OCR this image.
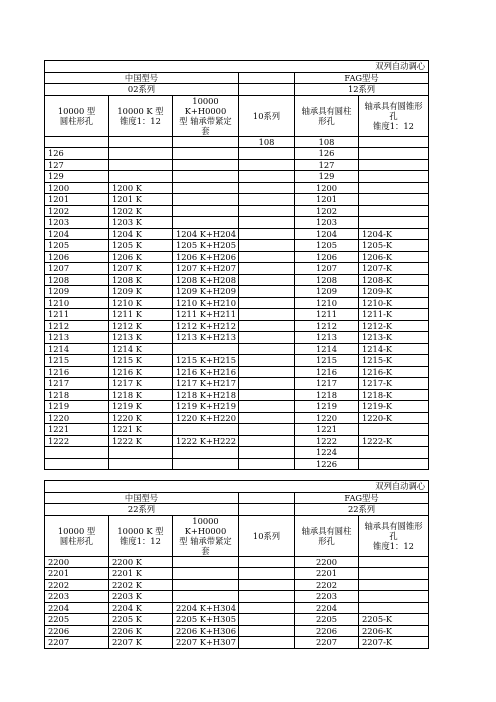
双列自动调心					
中国型号				FAG型号	
02系列				12系列	
10000 型
圆柱形孔	10000 K 型
锥度1：12	10000 K+H0000
型 轴承带紧定套	10系列	轴承具有圆柱形孔	轴承具有圆锥形孔
锥度1：12
			108	108	
126				126	
127				127	
129				129	
1200	1200 K			1200	
1201	1201 K			1201	
1202	1202 K			1202	
1203	1203 K			1203	
1204	1204 K	1204 K+H204		1204	1204-K
1205	1205 K	1205 K+H205		1205	1205-K
1206	1206 K	1206 K+H206		1206	1206-K
1207	1207 K	1207 K+H207		1207	1207-K
1208	1208 K	1208 K+H208		1208	1208-K
1209	1209 K	1209 K+H209		1209	1209-K
1210	1210 K	1210 K+H210		1210	1210-K
1211	1211 K	1211 K+H211		1211	1211-K
1212	1212 K	1212 K+H212		1212	1212-K
1213	1213 K	1213 K+H213		1213	1213-K
1214	1214 K			1214	1214-K
1215	1215 K	1215 K+H215		1215	1215-K
1216	1216 K	1216 K+H216		1216	1216-K
1217	1217 K	1217 K+H217		1217	1217-K
1218	1218 K	1218 K+H218		1218	1218-K
1219	1219 K	1219 K+H219		1219	1219-K
1220	1220 K	1220 K+H220		1220	1220-K
1221	1221 K			1221	
1222	1222 K	1222 K+H222		1222	1222-K
				1224	
				1226	
双列自动调心					
中国型号				FAG型号	
22系列				22系列	
10000 型
圆柱形孔	10000 K 型
锥度1：12	10000 K+H0000
型 轴承带紧定套	10系列	轴承具有圆柱形孔	轴承具有圆锥形孔
锥度1：12
2200	2200 K			2200	
2201	2201 K			2201	
2202	2202 K			2202	
2203	2203 K			2203	
2204	2204 K	2204 K+H304		2204	
2205	2205 K	2205 K+H305		2205	2205-K
2206	2206 K	2206 K+H306		2206	2206-K
2207	2207 K	2207 K+H307		2207	2207-K
